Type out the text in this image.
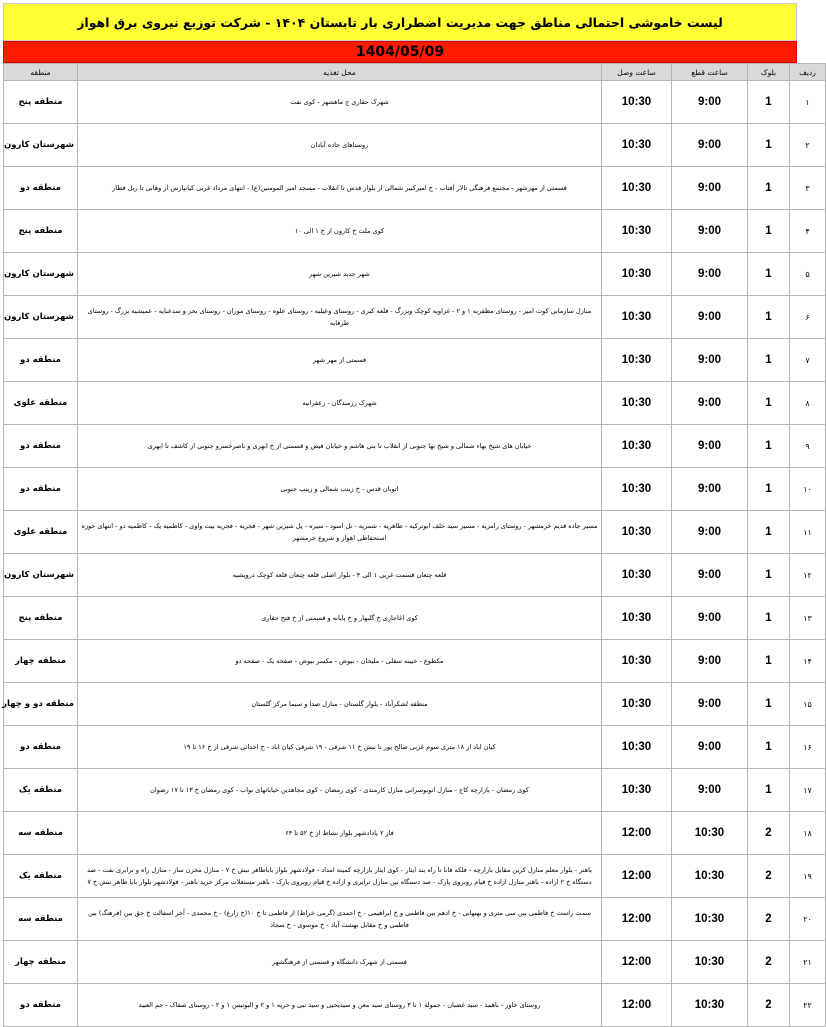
لیست خاموشی احتمالی مناطق جهت مدیریت اضطراری بار تابستان ۱۴۰۴ - شرکت توزیع نیروی برق اهواز
1404/05/09
ردیف	بلوک	ساعت قطع	ساعت وصل	محل تغذیه	منطقه
۱	1	9:00	10:30	شهرک حقاری ج ماهشهر - کوی نفت	منطقه پنج
۲	1	9:00	10:30	روستاهای جاده آبادان	شهرستان کارون
۳	1	9:00	10:30	قسمتی از مهرشهر - مجتمع فرهنگی تالار آفتاب - خ امیرکبیر شمالی از بلوار قدس تا انقلاب - مسجد امیر المومنین(ع) - انتهای مرداد غربی کیانپارس از وهابی تا ریل قطار	منطقه دو
۴	1	9:00	10:30	کوی ملت خ کارون از خ ۱ الی ۱۰	منطقه پنج
۵	1	9:00	10:30	شهر جدید شیرین شهر	شهرستان کارون
۶	1	9:00	10:30	منازل سازمانی کوت امیر - روستای مظفریه ۱ و ۲ - غزاویه کوچک وبزرگ - قلعه کبری - روستای وعیلیه - روستای علوه - روستای موران - روستای بحر و سدعنایه - عمیشیه بزرگ - روستای طرفایه	شهرستان کارون
۷	1	9:00	10:30	قسمتی از مهر شهر	منطقه دو
۸	1	9:00	10:30	شهرک رزمندگان - زعفرانیه	منطقه علوی
۹	1	9:00	10:30	خیابان های شیخ بهاء شمالی و شیخ بها جنوبی از انقلاب تا بنی هاشم و خیابان فیض و قسمتی از خ ابهری و ناصرخسرو جنوبی از کاشف تا ابهری	منطقه دو
۱۰	1	9:00	10:30	اتوبان قدس - خ زینب شمالی و زینب جنوبی	منطقه دو
۱۱	1	9:00	10:30	مسیر جاده قدیم خرمشهر - روستای رامزیه - مسیر سید خلف ابوترکیه - طاهریه - شمریه - تل اسود - سیره - پل شیرین شهر - فجریه - فجریه بیت واوی - کاظمیه یک - کاظمیه دو - انتهای حوزه استحفاظی اهواز و شروع خرمشهر	منطقه علوی
۱۲	1	9:00	10:30	قلعه چنعان قسمت غربی ۱ الی ۴ - بلوار اصلی قلعه چنعان قلعه کوچک دروپشیه	شهرستان کارون
۱۳	1	9:00	10:30	کوی اغاجاری خ گلبهار و خ پایانه و قسمتی از خ فتح حقاری	منطقه پنج
۱۴	1	9:00	10:30	مکطوع - خیینه سفلی - ملیحان - بیوض - مکسر بیوض - صفحه یک - صفحه دو	منطقه چهار
۱۵	1	9:00	10:30	منطقه لشکرآباد - بلوار گلستان - منازل صدا و سیما مرکز گلستان	منطقه دو و چهار
۱۶	1	9:00	10:30	کیان اباد از ۱۸ متری سوم غربی صالح پور تا نبش خ ۱۱ شرقی - ۱۹ شرقی کیان اباد - خ احداثی شرقی از خ ۱۶ تا ۱۹	منطقه دو
۱۷	1	9:00	10:30	کوی رمضان - بازارچه کاج - منازل اتوبوسرانی منازل کارمندی - کوی رمضان - کوی مجاهدین خیابانهای نواب - کوی رمضان خ ۱۳ تا ۱۷ رضوان	منطقه یک
۱۸	2	10:30	12:00	فاز ۲ پادادشهر بلوار نشاط از خ ۵۲ تا ۶۴	منطقه سه
۱۹	2	10:30	12:00	باهنر - بلوار معلم منازل کرین مقابل بازارچه - فلکه فانا تا راه بند ایثار - کوی ایثار بازارچه کمیته امداد - فولادشهر بلوار باباطاهر نبش خ ۷ - منازل مخزن ساز - منازل راه و ترابری نفت - صد دستگاه خ ۲ ازاده - باهنر منازل ازاده خ قیام روبروی پارک - صد دستگاه بین منازل ترابری و ازاده خ قیام روبروی پارک - باهنر مستغلات مرکز خرید باهنر - فولادشهر بلوار بابا طاهر نبش خ ۷	منطقه یک
۲۰	2	10:30	12:00	سمت راست خ فاطمی بین سی متری و بهبهانی - خ ادهم بین فاطمی و خ ابراهیمی - خ احمدی (گرمی خراط) از فاطمی تا خ ۱۰(خ زارع) - خ محمدی - آخر اسفالت خ حق بین (فرهنگ) بین فاطمی و خ مقابل بهشت آباد - خ موسوی - خ سجاد	منطقه سه
۲۱	2	10:30	12:00	قسمتی از شهرک دانشگاه و قسمتی از فرهنگشهر	منطقه چهار
۲۲	2	10:30	12:00	روستای خاور - باهمذ - سید غضبان - حمولة ۱ تا ۳ روستای سید معن و سیدیحیی و سید نبی و حریه ۱ و ۲ و البوتیس ۱ و ۲ - روستای صفاک - جم العبید	منطقه دو
